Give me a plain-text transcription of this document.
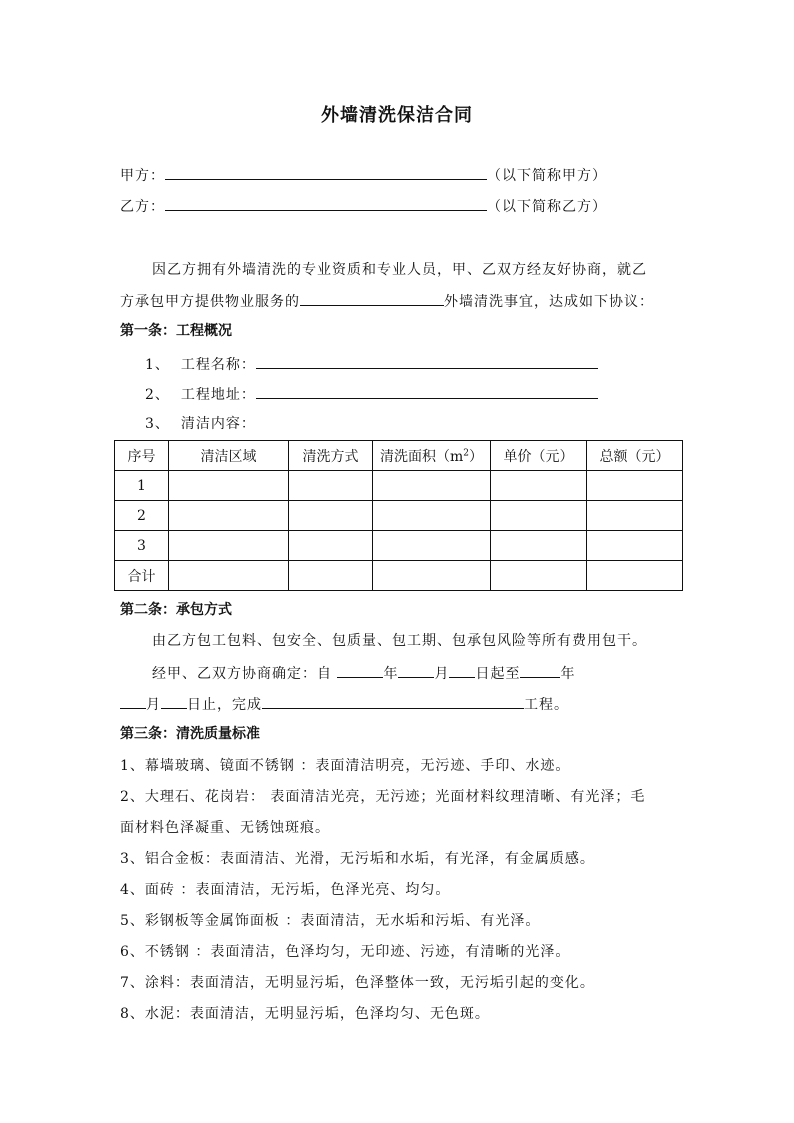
外墙清洗保洁合同
甲方：	（以下简称甲方）
乙方：	（以下简称乙方）
因乙方拥有外墙清洗的专业资质和专业人员，甲、乙双方经友好协商，就乙
方承包甲方提供物业服务的	外墙清洗事宜，达成如下协议：
第一条：工程概况
1、 工程名称：
2、 工程地址：
3、 清洁内容：
序号	清洁区域	清洗方式	清洗面积$(m^2)$	单价（元）	总额（元）
1					
2					
3					
合计					
第二条：承包方式
由乙方包工包料、包安全、包质量、包工期、包承包风险等所有费用包干。
经甲、乙双方协商确定：自	年	月 日起至	年
月 日止，完成	工程。
第三条：清洗质量标准
1、幕墙玻璃、镜面不锈钢 ：表面清洁明亮，无污迹、手印、水迹。
2、大理石、花岗岩： 表面清洁光亮，无污迹；光面材料纹理清晰、有光泽；毛
面材料色泽凝重、无锈蚀斑痕。
3、铝合金板：表面清洁、光滑，无污垢和水垢，有光泽，有金属质感。
4、面砖 ：表面清洁，无污垢，色泽光亮、均匀。
5、彩钢板等金属饰面板 ：表面清洁，无水垢和污垢、有光泽。
6、不锈钢 ：表面清洁，色泽均匀，无印迹、污迹，有清晰的光泽。
7、涂料：表面清洁，无明显污垢，色泽整体一致，无污垢引起的变化。
8、水泥：表面清洁，无明显污垢，色泽均匀、无色斑。
